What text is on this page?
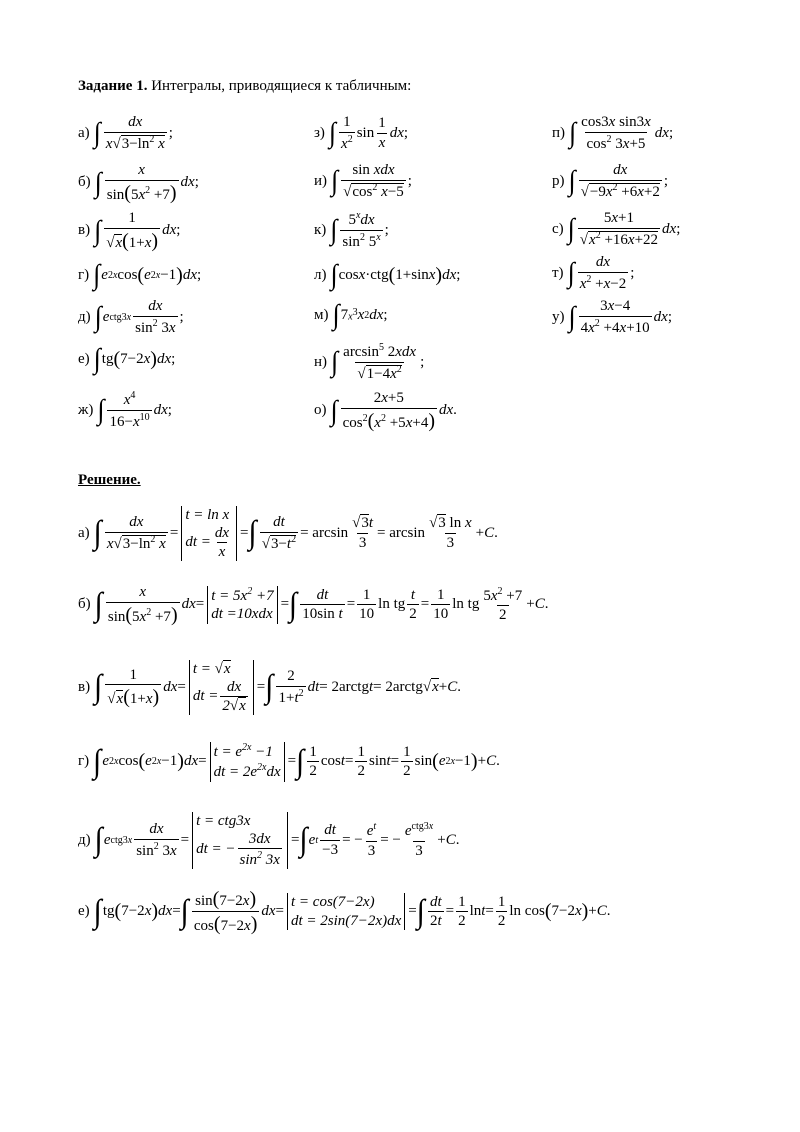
Задание 1. Интегралы, приводящиеся к табличным:
а) ∫ $\frac{dx}{x√3-\ln^2 x}$ ;
б) ∫ $\frac{x}{\sin(5x^2 +7)}$ dx ;
в) ∫ $\frac{1}{√x(1+x)}$ dx ;
г) ∫ e 2x cos ( e 2x −1 ) dx ;
д) ∫ e $ctg3x \frac{dx}{\sin^2 3x}$ ;
е) ∫ tg ( 7−2 x ) dx ;
ж) ∫ $\frac{x^4}{16-x^{10}}$ dx ;
з) ∫ $\frac{1}{x^2}$ $\sin \frac{1}{x}$ dx ;
и) ∫ $\frac{\text{sin xdx}}{√\cos^2 x-5}$ ;
к) ∫ $\frac{5^xdx}{\sin^2 5^x}$ ;
л) ∫ cos x ·ctg ( 1+sin x ) dx ;
м) ∫ 7 $x^3$ x 2 dx ;
н) ∫ $\frac{\arcsin^5 2xdx}{√1-4x^2}$ ;
о) ∫ $\frac{2x+5}{\cos^2(x^2 +5x+4)}$ dx .
п) ∫ $\frac{\text{cos3x sin3x}}{\cos^2 3x+5}$ dx ;
р) ∫ $\frac{dx}{√-9x^2 +6x+2}$ ;
с) ∫ $\frac{5x+1}{√x^2 +16x+22}$ dx ;
т) ∫ $\frac{dx}{x^2 +x-2}$ ;
у) ∫ $\frac{3x-4}{4x^2 +4x+10}$ dx ;
Решение.
а) ∫ $\frac{dx}{x√3-\ln^2 x}$ =
t = ln x
dt = $\frac{dx}{x}$ = ∫ $\frac{dt}{√3-t^2} = \arcsin \frac{√3t}{3} = \arcsin \frac{\text{√3 ln x}}{3} + C$ .
б) ∫ $\frac{x}{\sin(5x^2 +7)}$ dx =
$t = 5x^2 +7$
dt =10xdx
= ∫ $\frac{dt}{\text{10sin t}} = \frac{1}{10}$ ln tg $\frac{t}{2} = \frac{1}{10}$ ln tg $\frac{5x^2 +7}{2} + C$ .
в) ∫ $\frac{1}{√x(1+x)}$ dx =
t = √x
dt = $\frac{dx}{2√x}$ = ∫ $\frac{2}{1+t^2}$ dt = 2arctg t = 2arctg√ x + C .
г) ∫ e 2x cos ( e 2x −1 ) dx =
$t = e^{2x} -1$
dt = $2e^{2x}dx$
= ∫ $\frac{1}{2}$ $\cos t = \frac{1}{2}$ $\sin t = \frac{1}{2}$ sin ( e 2x −1 ) + C .
д) ∫ e $ctg3x \frac{dx}{\sin^2 3x}$ =
t = ctg3x
dt = − $\frac{3dx}{\sin^2 3x}$ = ∫ e t $\frac{dt}{-3}$ = − $\frac{e^t}{3}$ = − $\frac{e^{ctg3x}}{3} + C$ .
е) ∫ tg ( 7−2 x ) dx = ∫ $\frac{\sin(7-2x)}{\cos(7-2x)}$ dx =
t = cos(7−2x)
dt = 2sin(7−2x)dx
= ∫ $\frac{dt}{2t} = \frac{1}{2}$ $\ln t = \frac{1}{2}$ ln cos ( 7−2 x ) + C .
